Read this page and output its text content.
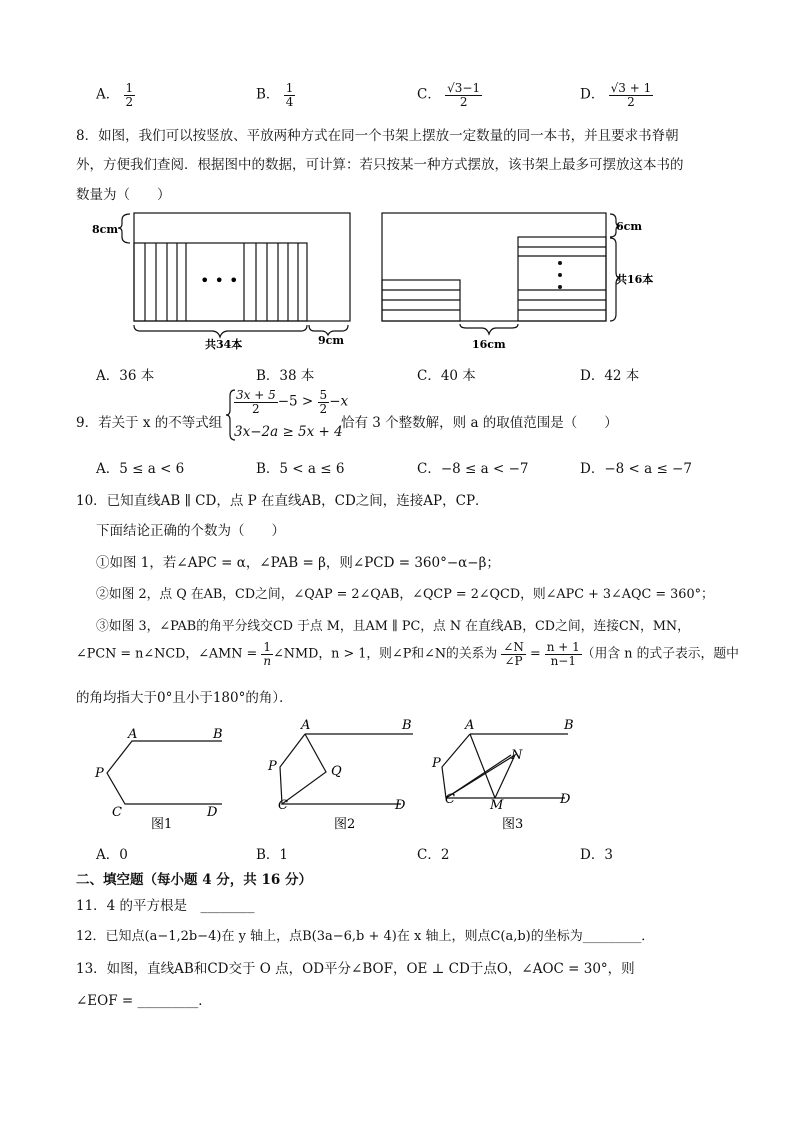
A． $\frac{1}{2}$	B． $\frac{1}{4}$	C． $\frac{√3-1}{2}$	D． $\frac{√3 + 1}{2}$
8．如图，我们可以按竖放、平放两种方式在同一个书架上摆放一定数量的同一本书，并且要求书脊朝
外，方便我们查阅．根据图中的数据，可计算：若只按某一种方式摆放，该书架上最多可摆放这本书的
数量为（　　）
• • •
8cm
共34本	9cm
6cm
共16本
16cm
A．36 本	B．38 本	C．40 本	D．42 本
9．若关于 x 的不等式组
$\frac{3x + 5}{2} -5 > \frac{5}{2} -x$
3x−2a ≥ 5x + 4
恰有 3 个整数解，则 a 的取值范围是（　　）
A．5 ≤ a < 6	B．5 < a ≤ 6	C．−8 ≤ a < −7	D．−8 < a ≤ −7
10．已知直线AB ∥ CD，点 P 在直线AB，CD之间，连接AP，CP．
下面结论正确的个数为（　　）
①如图 1，若∠APC = α，∠PAB = β，则∠PCD = 360°−α−β；
②如图 2，点 Q 在AB，CD之间，∠QAP = 2∠QAB，∠QCP = 2∠QCD，则∠APC + 3∠AQC = 360°；
③如图 3，∠PAB的角平分线交CD 于点 M，且AM ∥ PC，点 N 在直线AB，CD之间，连接CN，MN，
∠PCN = n∠NCD，∠AMN = $\frac{1}{n}$ ∠NMD，n > 1，则∠P和∠N的关系为 $\frac{\angle N}{\angle P} = \frac{n + 1}{n-1}$ （用含 n 的式子表示，题中
的角均指大于0°且小于180°的角）．
A	B
P
C	D
A	B
P	Q
C	D
A	B
P
N
C	M	D
图1	图2	图3
A．0	B．1	C．2	D．3
二、填空题（每小题 4 分，共 16 分）
11．4 的平方根是　________
12．已知点(a−1,2b−4)在 y 轴上，点B(3a−6,b + 4)在 x 轴上，则点C(a,b)的坐标为_________．
13．如图，直线AB和CD交于 O 点，OD平分∠BOF，OE ⊥ CD于点O，∠AOC = 30°，则
∠EOF = _________．
